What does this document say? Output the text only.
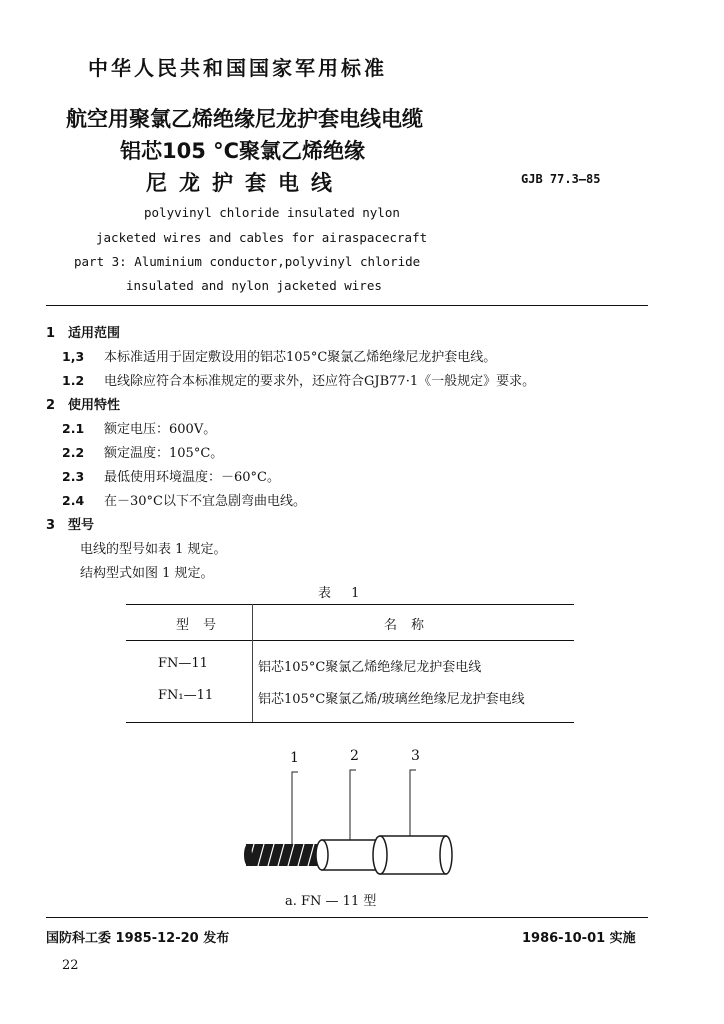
中华人民共和国国家军用标准
航空用聚氯乙烯绝缘尼龙护套电线电缆
铝芯105 °C聚氯乙烯绝缘
尼龙护套电线	GJB 77.3—85
polyvinyl chloride insulated nylon
jacketed wires and cables for airaspacecraft
part 3: Aluminium conductor,polyvinyl chloride
insulated and nylon jacketed wires
1 适用范围
1,3 本标准适用于固定敷设用的铝芯105°C聚氯乙烯绝缘尼龙护套电线。
1.2 电线除应符合本标准规定的要求外，还应符合GJB77·1《一般规定》要求。
2 使用特性
2.1 额定电压：600V。
2.2 额定温度：105°C。
2.3 最低使用环境温度：－60°C。
2.4 在－30°C以下不宜急剧弯曲电线。
3 型号
电线的型号如表 1 规定。
结构型式如图 1 规定。
表 1
型号	名称
FN—11	铝芯105°C聚氯乙烯绝缘尼龙护套电线
FN₁—11	铝芯105°C聚氯乙烯/玻璃丝绝缘尼龙护套电线
1	2	3
a. FN — 11 型
国防科工委 1985-12-20 发布	1986-10-01 实施
22
